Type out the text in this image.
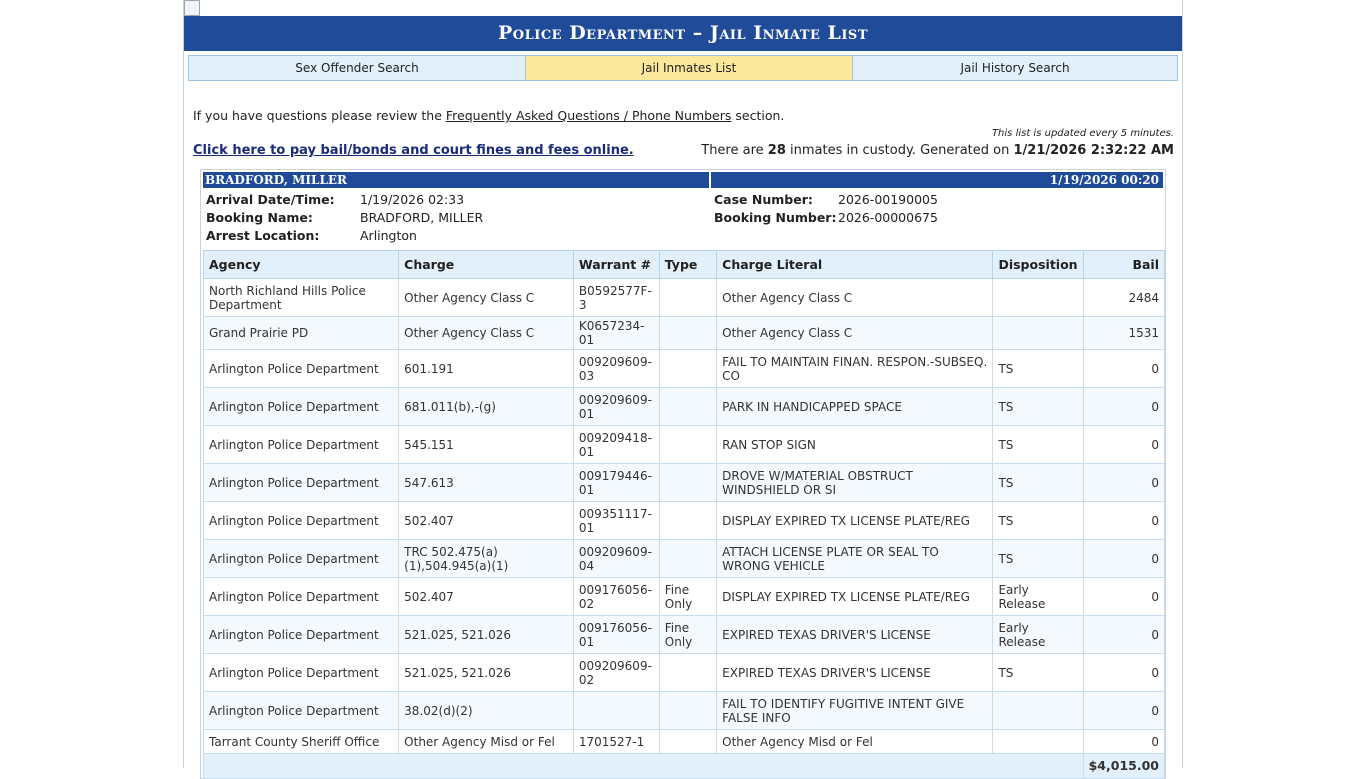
Police Department – Jail Inmate List
Sex Offender Search	Jail Inmates List	Jail History Search
If you have questions please review the Frequently Asked Questions / Phone Numbers section.
This list is updated every 5 minutes.
Click here to pay bail/bonds and court fines and fees online.	There are 28 inmates in custody. Generated on 1/21/2026 2:32:22 AM
BRADFORD, MILLER	1/19/2026 00:20
Arrival Date/Time: 1/19/2026 02:33
Booking Name:	BRADFORD, MILLER
Arrest Location:	Arlington
Case Number: 2026-00190005
Booking Number: 2026-00000675
Agency	Charge	Warrant #	Type	Charge Literal	Disposition	Bail
North Richland Hills Police Department	Other Agency Class C	B0592577F-3		Other Agency Class C		2484
Grand Prairie PD	Other Agency Class C	K0657234-01		Other Agency Class C		1531
Arlington Police Department	601.191	009209609-03		FAIL TO MAINTAIN FINAN. RESPON.-SUBSEQ. CO	TS	0
Arlington Police Department	681.011(b),-(g)	009209609-01		PARK IN HANDICAPPED SPACE	TS	0
Arlington Police Department	545.151	009209418-01		RAN STOP SIGN	TS	0
Arlington Police Department	547.613	009179446-01		DROVE W/MATERIAL OBSTRUCT WINDSHIELD OR SI	TS	0
Arlington Police Department	502.407	009351117-01		DISPLAY EXPIRED TX LICENSE PLATE/REG	TS	0
Arlington Police Department	TRC 502.475(a)(1),504.945(a)(1)	009209609-04		ATTACH LICENSE PLATE OR SEAL TO WRONG VEHICLE	TS	0
Arlington Police Department	502.407	009176056-02	Fine Only	DISPLAY EXPIRED TX LICENSE PLATE/REG	Early Release	0
Arlington Police Department	521.025, 521.026	009176056-01	Fine Only	EXPIRED TEXAS DRIVER'S LICENSE	Early Release	0
Arlington Police Department	521.025, 521.026	009209609-02		EXPIRED TEXAS DRIVER'S LICENSE	TS	0
Arlington Police Department	38.02(d)(2)			FAIL TO IDENTIFY FUGITIVE INTENT GIVE FALSE INFO		0
Tarrant County Sheriff Office	Other Agency Misd or Fel	1701527-1		Other Agency Misd or Fel		0
						$4,015.00
